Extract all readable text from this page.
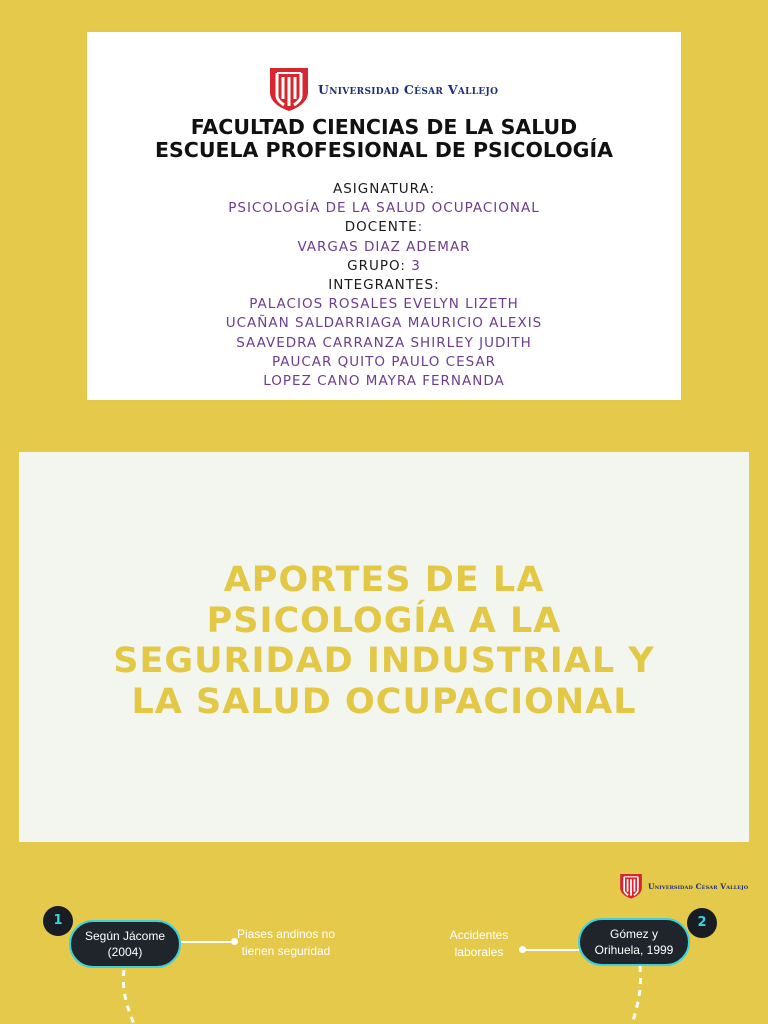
Universidad César Vallejo
FACULTAD CIENCIAS DE LA SALUD
ESCUELA PROFESIONAL DE PSICOLOGÍA
ASIGNATURA:
PSICOLOGÍA DE LA SALUD OCUPACIONAL
DOCENTE:
VARGAS DIAZ ADEMAR
GRUPO: 3
INTEGRANTES:
PALACIOS ROSALES EVELYN LIZETH
UCAÑAN SALDARRIAGA MAURICIO ALEXIS
SAAVEDRA CARRANZA SHIRLEY JUDITH
PAUCAR QUITO PAULO CESAR
LOPEZ CANO MAYRA FERNANDA
APORTES DE LA
PSICOLOGÍA A LA
SEGURIDAD INDUSTRIAL Y
LA SALUD OCUPACIONAL
Universidad César Vallejo
1
Según Jácome
(2004)
Piases andinos no
tienen seguridad
Accidentes
laborales
Gómez y
Orihuela, 1999
2
